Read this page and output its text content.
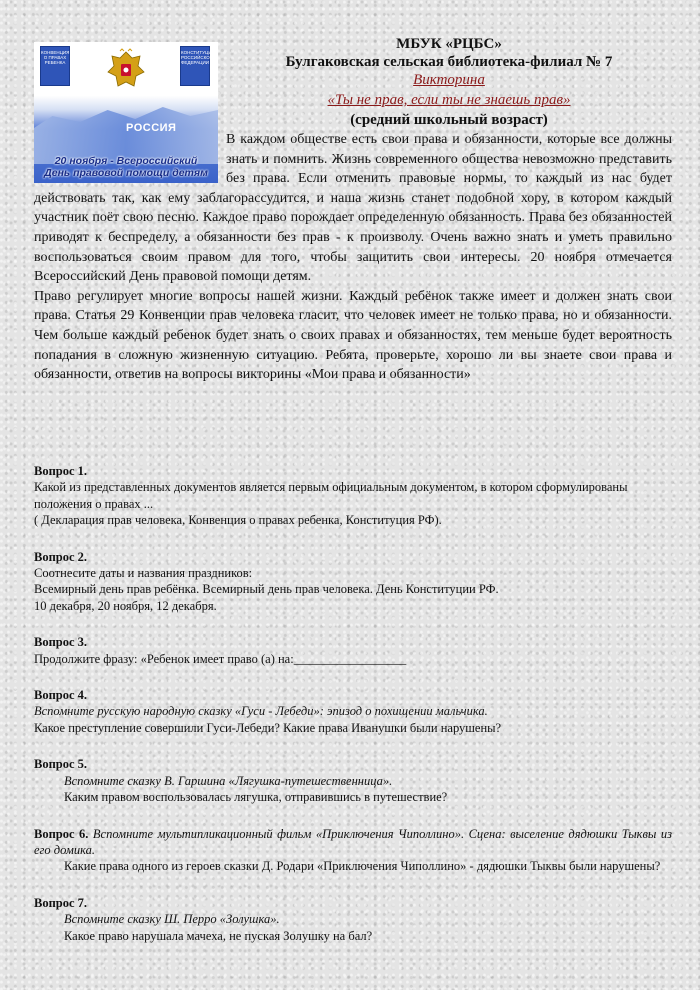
КОНВЕНЦИЯ О ПРАВАХ РЕБЕНКА
КОНСТИТУЦИЯ РОССИЙСКОЙ ФЕДЕРАЦИИ
РОССИЯ
20 ноября - Всероссийский
День правовой помощи детям
МБУК «РЦБС»
Булгаковская сельская библиотека-филиал № 7
Викторина
«Ты не прав, если ты не знаешь прав»
(средний школьный возраст)

В каждом обществе есть свои права и обязанности, которые все должны знать и помнить. Жизнь современного общества невозможно представить без права. Если отменить правовые нормы, то каждый из нас будет действовать так, как ему заблагорассудится, и наша жизнь станет подобной хору, в котором каждый участник поёт свою песню. Каждое право порождает определенную обязанность. Права без обязанностей приводят к беспределу, а обязанности без прав - к произволу. Очень важно знать и уметь правильно воспользоваться своим правом для того, чтобы защитить свои интересы. 20 ноября отмечается Всероссийский День правовой помощи детям.

Право регулирует многие вопросы нашей жизни. Каждый ребёнок также имеет и должен знать свои права. Статья 29 Конвенции прав человека гласит, что человек имеет не только права, но и обязанности. Чем больше каждый ребенок будет знать о своих правах и обязанностях, тем меньше будет вероятность попадания в сложную жизненную ситуацию. Ребята, проверьте, хорошо ли вы знаете свои права и обязанности, ответив на вопросы викторины «Мои права и обязанности»

Вопрос 1.

Какой из представленных документов является первым официальным документом, в котором сформулированы положения о правах ...

( Декларация прав человека, Конвенция о правах ребенка, Конституция РФ).

Вопрос 2.

Соотнесите даты и названия праздников:

Всемирный день прав ребёнка. Всемирный день прав человека. День Конституции РФ.

10 декабря, 20 ноября, 12 декабря.

Вопрос 3.

Продолжите фразу: «Ребенок имеет право (а) на:__________________

Вопрос 4.

Вспомните русскую народную сказку «Гуси - Лебеди»: эпизод о похищении мальчика.

Какое преступление совершили Гуси-Лебеди? Какие права Иванушки были нарушены?

Вопрос 5.

Вспомните сказку В. Гаршина «Лягушка-путешественница».

Каким правом воспользовалась лягушка, отправившись в путешествие?

Вопрос 6. Вспомните мультипликационный фильм «Приключения Чиполлино». Сцена: выселение дядюшки Тыквы из его домика.

Какие права одного из героев сказки Д. Родари «Приключения Чиполлино» - дядюшки Тыквы были нарушены?

Вопрос 7.

Вспомните сказку Ш. Перро «Золушка».

Какое право нарушала мачеха, не пуская Золушку на бал?
